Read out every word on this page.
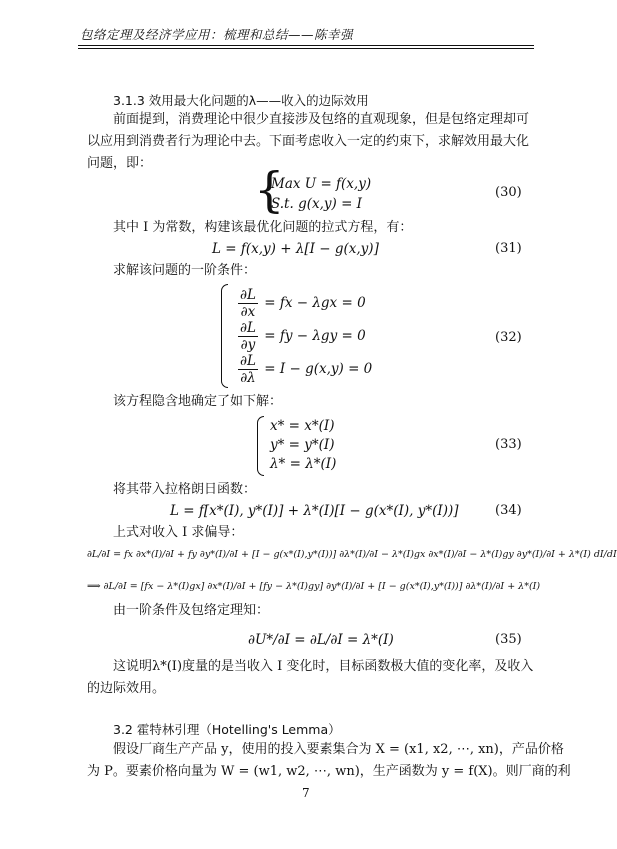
包络定理及经济学应用：梳理和总结——陈幸强
3.1.3 效用最大化问题的λ——收入的边际效用
前面提到，消费理论中很少直接涉及包络的直观现象，但是包络定理却可
以应用到消费者行为理论中去。下面考虑收入一定的约束下，求解效用最大化
问题，即： {
Max U = f(x,y)
S.t. g(x,y) = I
(30)
其中 I 为常数，构建该最优化问题的拉式方程，有：
L = f(x,y) + λ[I − g(x,y)]	(31)
求解该问题的一阶条件：
$\frac{\partial L}{\partial x}$ = fx − λgx = 0
$\frac{\partial L}{\partial y}$ = fy − λgy = 0
$\frac{\partial L}{\partial\lambda} = I - g(x,y) = 0$
(32)
该方程隐含地确定了如下解：
x* = x*(I)
y* = y*(I)
λ* = λ*(I)
(33)
将其带入拉格朗日函数：
L = f[x*(I), y*(I)] + λ*(I)[I − g(x*(I), y*(I))]	(34)
上式对收入 I 求偏导：
∂L/∂I = fx ∂x*(I)/∂I + fy ∂y*(I)/∂I + [I − g(x*(I),y*(I))] ∂λ*(I)/∂I − λ*(I)gx ∂x*(I)/∂I − λ*(I)gy ∂y*(I)/∂I + λ*(I) dI/dI
⟹ ∂L/∂I = [fx − λ*(I)gx] ∂x*(I)/∂I + [fy − λ*(I)gy] ∂y*(I)/∂I + [I − g(x*(I),y*(I))] ∂λ*(I)/∂I + λ*(I)
由一阶条件及包络定理知：
∂U*/∂I = ∂L/∂I = λ*(I)	(35)
这说明λ*(I)度量的是当收入 I 变化时，目标函数极大值的变化率，及收入
的边际效用。
3.2 霍特林引理（Hotelling's Lemma）
假设厂商生产产品 y，使用的投入要素集合为 X = (x1, x2, ⋯, xn)，产品价格
为 P。要素价格向量为 W = (w1, w2, ⋯, wn)，生产函数为 y = f(X)。则厂商的利
7
